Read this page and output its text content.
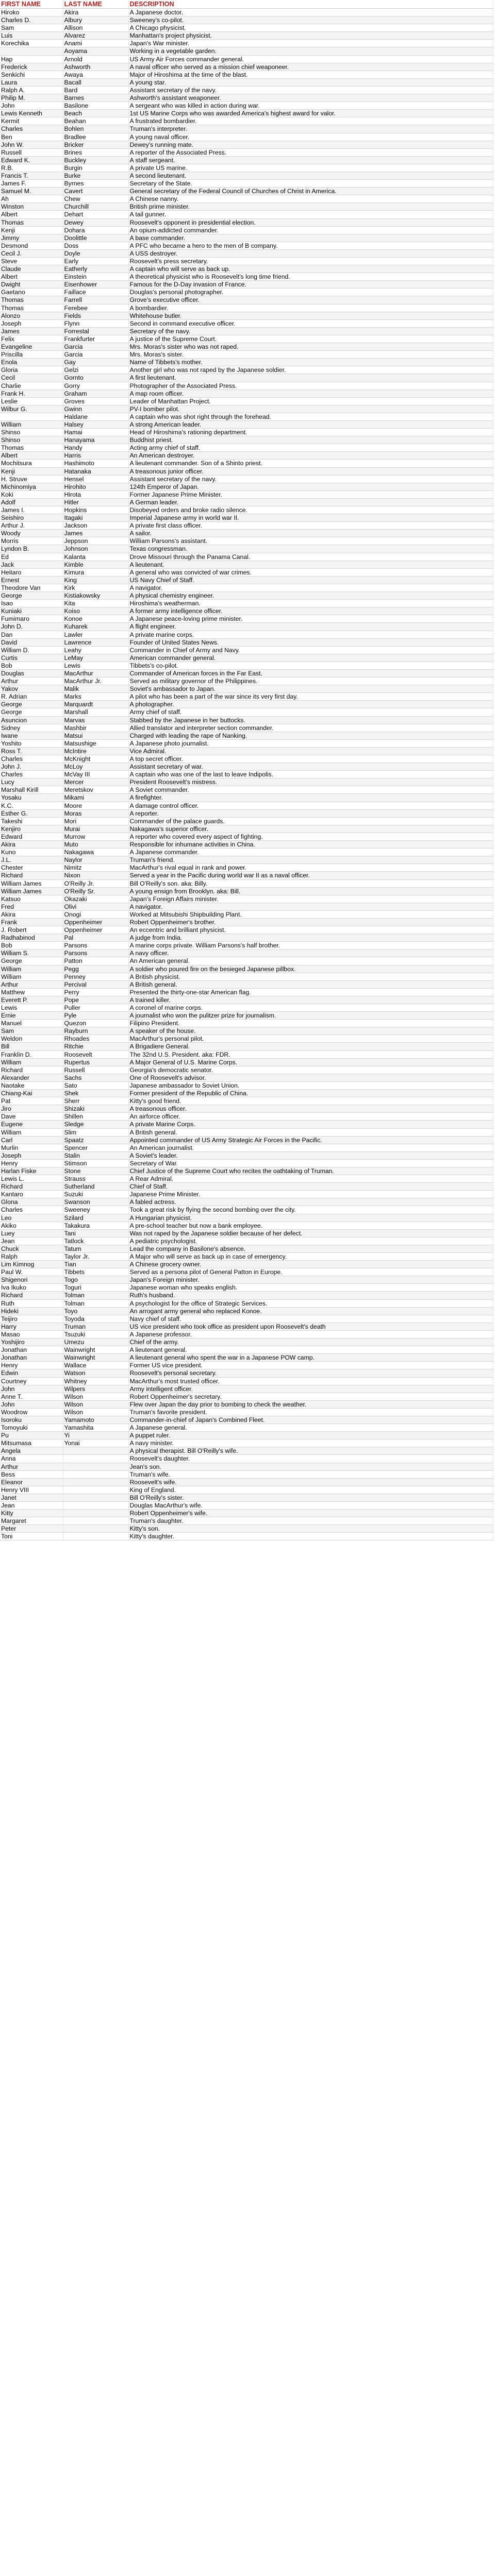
FIRST NAME	LAST NAME	DESCRIPTION
Hiroko	Akira	A Japanese doctor.
Charles D.	Albury	Sweeney's co-pilot.
Sam	Allison	A Chicago physicist.
Luis	Alvarez	Manhattan's project physicist.
Korechika	Anami	Japan's War minister.
	Aoyama	Working in a vegetable garden.
Hap	Arnold	US Army Air Forces commander general.
Frederick	Ashworth	A naval officer who served as a mission chief weaponeer.
Senkichi	Awaya	Major of Hiroshima at the time of the blast.
Laura	Bacall	A young star.
Ralph A.	Bard	Assistant secretary of the navy.
Philip M.	Barnes	Ashworth's assistant weaponeer.
John	Basilone	A sergeant who was killed in action during war.
Lewis Kenneth	Beach	1st US Marine Corps who was awarded America's highest award for valor.
Kermit	Beahan	A frustrated bombardier.
Charles	Bohlen	Truman's interpreter.
Ben	Bradlee	A young naval officer.
John W.	Bricker	Dewey's running mate.
Russell	Brines	A reporter of the Associated Press.
Edward K.	Buckley	A staff sergeant.
R.B.	Burgin	A private US marine.
Francis T.	Burke	A second lieutenant.
James F.	Byrnes	Secretary of the State.
Samuel M.	Cavert	General secretary of the Federal Council of Churches of Christ in America.
Ah	Chew	A Chinese nanny.
Winston	Churchill	British prime minister.
Albert	Dehart	A tail gunner.
Thomas	Dewey	Roosevelt's opponent in presidential election.
Kenji	Dohara	An opium-addicted commander.
Jimmy	Doolittle	A base commander.
Desmond	Doss	A PFC who became a hero to the men of B company.
Cecil J.	Doyle	A USS destroyer.
Steve	Early	Roosevelt's press secretary.
Claude	Eatherly	A captain who will serve as back up.
Albert	Einstein	A theoretical physicist who is Roosevelt's long time friend.
Dwight	Eisenhower	Famous for the D-Day invasion of France.
Gaetano	Faillace	Douglas's personal photographer.
Thomas	Farrell	Grove's executive officer.
Thomas	Ferebee	A bombardier.
Alonzo	Fields	Whitehouse butler.
Joseph	Flynn	Second in command executive officer.
James	Forrestal	Secretary of the navy.
Felix	Frankfurter	A justice of the Supreme Court.
Evangeline	Garcia	Mrs. Moras's sister who was not raped.
Priscilla	Garcia	Mrs. Moras's sister.
Enola	Gay	Name of Tibbets's mother.
Gloria	Gelzi	Another girl who was not raped by the Japanese soldier.
Cecil	Gornto	A first lieutenant.
Charlie	Gorry	Photographer of the Associated Press.
Frank H.	Graham	A map room officer.
Leslie	Groves	Leader of Manhattan Project.
Wilbur G.	Gwinn	PV-I bomber pilot.
	Haldane	A captain who was shot right through the forehead.
William	Halsey	A strong American leader.
Shinso	Hamai	Head of Hiroshima's rationing department.
Shinso	Hanayama	Buddhist priest.
Thomas	Handy	Acting army chief of staff.
Albert	Harris	An American destroyer.
Mochitsura	Hashimoto	A lieutenant commander. Son of a Shinto priest.
Kenji	Hatanaka	A treasonous junior officer.
H. Struve	Hensel	Assistant secretary of the navy.
Michinomiya	Hirohito	124th Emperor of Japan.
Koki	Hirota	Former Japanese Prime Minister.
Adolf	Hitler	A German leader.
James I.	Hopkins	Disobeyed orders and broke radio silence.
Seishiro	Itagaki	Imperial Japanese army in world war II.
Arthur J.	Jackson	A private first class officer.
Woody	James	A sailor.
Morris	Jeppson	William Parsons's assistant.
Lyndon B.	Johnson	Texas congressman.
Ed	Kalanta	Drove Missouri through the Panama Canal.
Jack	Kimble	A lieutenant.
Heitaro	Kimura	A general who was convicted of war crimes.
Ernest	King	US Navy Chief of Staff.
Theodore Van	Kirk	A navigator.
George	Kistiakowsky	A physical chemistry engineer.
Isao	Kita	Hiroshima's weatherman.
Kuniaki	Koiso	A former army intelligence officer.
Fumimaro	Konoe	A Japanese peace-loving prime minister.
John D.	Kuharek	A flight engineer.
Dan	Lawler	A private marine corps.
David	Lawrence	Founder of United States News.
William D.	Leahy	Commander in Chief of Army and Navy.
Curtis	LeMay	American commander general.
Bob	Lewis	Tibbets's co-pilot.
Douglas	MacArthur	Commander of American forces in the Far East.
Arthur	MacArthur Jr.	Served as military governor of the Philippines.
Yakov	Malik	Soviet's ambassador to Japan.
R. Adrian	Marks	A pilot who has been a part of the war since its very first day.
George	Marquardt	A photographer.
George	Marshall	Army chief of staff.
Asuncion	Marvas	Stabbed by the Japanese in her buttocks.
Sidney	Mashbir	Allied translator and interpreter section commander.
Iwane	Matsui	Charged with leading the rape of Nanking.
Yoshito	Matsushige	A Japanese photo journalist.
Ross T.	McIntire	Vice Admiral.
Charles	McKnight	A top secret officer.
John J.	McLoy	Assistant secretary of war.
Charles	McVay III	A captain who was one of the last to leave Indipolis.
Lucy	Mercer	President Roosevelt's mistress.
Marshall Kirill	Meretskov	A Soviet commander.
Yosaku	Mikami	A firefighter.
K.C.	Moore	A damage control officer.
Esther G.	Moras	A reporter.
Takeshi	Mori	Commander of the palace guards.
Kenjiro	Murai	Nakagawa's superior officer.
Edward	Murrow	A reporter who covered every aspect of fighting.
Akira	Muto	Responsible for inhumane activities in China.
Kuno	Nakagawa	A Japanese commander.
J.L.	Naylor	Truman's friend.
Chester	Nimitz	MacArthur's rival equal in rank and power.
Richard	Nixon	Served a year in the Pacific during world war II as a naval officer.
William James	O'Reilly Jr.	Bill O'Reilly's son. aka: Billy.
William James	O'Reilly Sr.	A young ensign from Brooklyn. aka: Bill.
Katsuo	Okazaki	Japan's Foreign Affairs minister.
Fred	Olivi	A navigator.
Akira	Onogi	Worked at Mitsubishi Shipbuilding Plant.
Frank	Oppenheimer	Robert Oppenheimer's brother.
J. Robert	Oppenheimer	An eccentric and brilliant physicist.
Radhabinod	Pal	A judge from India.
Bob	Parsons	A marine corps private. William Parsons's half brother.
William S.	Parsons	A navy officer.
George	Patton	An American general.
William	Pegg	A soldier who poured fire on the besieged Japanese pillbox.
William	Penney	A British physicist.
Arthur	Percival	A British general.
Matthew	Perry	Presented the thirty-one-star American flag.
Everett P.	Pope	A trained killer.
Lewis	Puller	A coronel of marine corps.
Ernie	Pyle	A journalist who won the pulitzer prize for journalism.
Manuel	Quezon	Filipino President.
Sam	Rayburn	A speaker of the house.
Weldon	Rhoades	MacArthur's personal pilot.
Bill	Ritchie	A Brigadiere General.
Franklin D.	Roosevelt	The 32nd U.S. President. aka: FDR.
William	Rupertus	A Major General of U.S. Marine Corps.
Richard	Russell	Georgia's democratic senator.
Alexander	Sachs	One of Roosevelt's advisor.
Naotake	Sato	Japanese ambassador to Soviet Union.
Chiang-Kai	Shek	Former president of the Republic of China.
Pat	Sherr	Kitty's good friend.
Jiro	Shizaki	A treasonous officer.
Dave	Shillen	An airforce officer.
Eugene	Sledge	A private Marine Corps.
William	Slim	A British general.
Carl	Spaatz	Appointed commander of US Army Strategic Air Forces in the Pacific.
Murlin	Spencer	An American journalist.
Joseph	Stalin	A Soviet's leader.
Henry	Stimson	Secretary of War.
Harlan Fiske	Stone	Chief Justice of the Supreme Court who recites the oathtaking of Truman.
Lewis L.	Strauss	A Rear Admiral.
Richard	Sutherland	Chief of Staff.
Kantaro	Suzuki	Japanese Prime Minister.
Glona	Swanson	A fabled actress.
Charles	Sweeney	Took a great risk by flying the second bombing over the city.
Leo	Szilard	A Hungarian physicist.
Akiko	Takakura	A pre-school teacher but now a bank employee.
Luey	Tani	Was not raped by the Japanese soldier because of her defect.
Jean	Tatlock	A pediatric psychologist.
Chuck	Tatum	Lead the company in Basilone's absence.
Ralph	Taylor Jr.	A Major who will serve as back up in case of emergency.
Lim Kimnog	Tian	A Chinese grocery owner.
Paul W.	Tibbets	Served as a persona pilot of General Patton in Europe.
Shigenori	Togo	Japan's Foreign minister.
Iva Ikuko	Toguri	Japanese woman who speaks english.
Richard	Tolman	Ruth's husband.
Ruth	Tolman	A psychologist for the office of Strategic Services.
Hideki	Toyo	An arrogant army general who replaced Konoe.
Teijiro	Toyoda	Navy chief of staff.
Harry	Truman	US vice president who took office as president upon Roosevelt's death
Masao	Tsuzuki	A Japanese professor.
Yoshijiro	Umezu	Chief of the army.
Jonathan	Wainwright	A lieutenant general.
Jonathan	Wainwright	A lieutenant general who spent the war in a Japanese POW camp.
Henry	Wallace	Former US vice president.
Edwin	Watson	Roosevelt's personal secretary.
Courtney	Whitney	MacArthur's most trusted officer.
John	Wilpers	Army intelligent officer.
Anne T.	Wilson	Robert Oppenheimer's secretary.
John	Wilson	Flew over Japan the day prior to bombing to check the weather.
Woodrow	Wilson	Truman's favorite president.
Isoroku	Yamamoto	Commander-in-chief of Japan's Combined Fleet.
Tomoyuki	Yamashita	A Japanese general.
Pu	Yi	A puppet ruler.
Mitsumasa	Yonai	A navy minister.
Angela		A physical therapist. Bill O'Reilly's wife.
Anna		Roosevelt's daughter.
Arthur		Jean's son.
Bess		Truman's wife.
Eleanor		Roosevelt's wife.
Henry VIII		King of England.
Janet		Bill O'Reilly's sister.
Jean		Douglas MacArthur's wife.
Kitty		Robert Oppenheimer's wife.
Margaret		Truman's daughter.
Peter		Kitty's son.
Toni		Kitty's daughter.
